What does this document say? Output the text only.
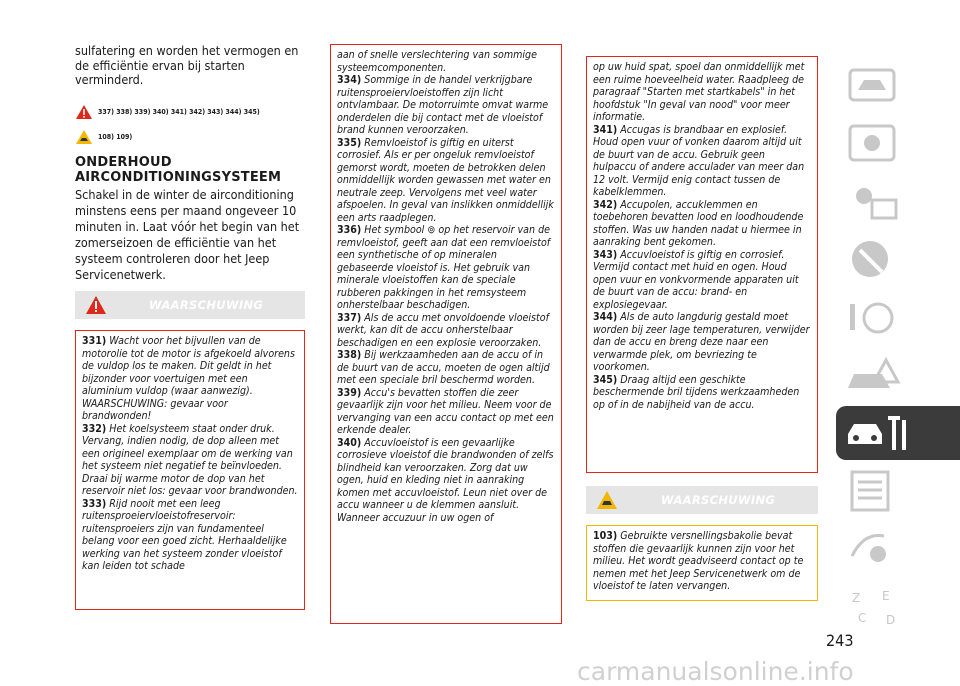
sulfatering en worden het vermogen en de efficiëntie ervan bij starten verminderd.
337) 338) 339) 340) 341) 342) 343) 344) 345)
108) 109)
ONDERHOUD AIRCONDITIONINGSYSTEEM
Schakel in de winter de airconditioning minstens eens per maand ongeveer 10 minuten in. Laat vóór het begin van het zomerseizoen de efficiëntie van het systeem controleren door het Jeep Servicenetwerk.
WAARSCHUWING

331) Wacht voor het bijvullen van de motorolie tot de motor is afgekoeld alvorens de vuldop los te maken. Dit geldt in het bijzonder voor voertuigen met een aluminium vuldop (waar aanwezig). WAARSCHUWING: gevaar voor brandwonden!

332) Het koelsysteem staat onder druk. Vervang, indien nodig, de dop alleen met een origineel exemplaar om de werking van het systeem niet negatief te beïnvloeden. Draai bij warme motor de dop van het reservoir niet los: gevaar voor brandwonden.

333) Rijd nooit met een leeg ruitensproeiervloeistofreservoir: ruitensproeiers zijn van fundamenteel belang voor een goed zicht. Herhaaldelijke werking van het systeem zonder vloeistof kan leiden tot schade

aan of snelle verslechtering van sommige systeemcomponenten.

334) Sommige in de handel verkrijgbare ruitensproeiervloeistoffen zijn licht ontvlambaar. De motorruimte omvat warme onderdelen die bij contact met de vloeistof brand kunnen veroorzaken.

335) Remvloeistof is giftig en uiterst corrosief. Als er per ongeluk remvloeistof gemorst wordt, moeten de betrokken delen onmiddellijk worden gewassen met water en neutrale zeep. Vervolgens met veel water afspoelen. In geval van inslikken onmiddellijk een arts raadplegen.

336) Het symbool ⊚ op het reservoir van de remvloeistof, geeft aan dat een remvloeistof een synthetische of op mineralen gebaseerde vloeistof is. Het gebruik van minerale vloeistoffen kan de speciale rubberen pakkingen in het remsysteem onherstelbaar beschadigen.

337) Als de accu met onvoldoende vloeistof werkt, kan dit de accu onherstelbaar beschadigen en een explosie veroorzaken.

338) Bij werkzaamheden aan de accu of in de buurt van de accu, moeten de ogen altijd met een speciale bril beschermd worden.

339) Accu's bevatten stoffen die zeer gevaarlijk zijn voor het milieu. Neem voor de vervanging van een accu contact op met een erkende dealer.

340) Accuvloeistof is een gevaarlijke corrosieve vloeistof die brandwonden of zelfs blindheid kan veroorzaken. Zorg dat uw ogen, huid en kleding niet in aanraking komen met accuvloeistof. Leun niet over de accu wanneer u de klemmen aansluit. Wanneer accuzuur in uw ogen of

op uw huid spat, spoel dan onmiddellijk met een ruime hoeveelheid water. Raadpleeg de paragraaf "Starten met startkabels" in het hoofdstuk "In geval van nood" voor meer informatie.

341) Accugas is brandbaar en explosief. Houd open vuur of vonken daarom altijd uit de buurt van de accu. Gebruik geen hulpaccu of andere acculader van meer dan 12 volt. Vermijd enig contact tussen de kabelklemmen.

342) Accupolen, accuklemmen en toebehoren bevatten lood en loodhoudende stoffen. Was uw handen nadat u hiermee in aanraking bent gekomen.

343) Accuvloeistof is giftig en corrosief. Vermijd contact met huid en ogen. Houd open vuur en vonkvormende apparaten uit de buurt van de accu: brand- en explosiegevaar.

344) Als de auto langdurig gestald moet worden bij zeer lage temperaturen, verwijder dan de accu en breng deze naar een verwarmde plek, om bevriezing te voorkomen.

345) Draag altijd een geschikte beschermende bril tijdens werkzaamheden op of in de nabijheid van de accu.

WAARSCHUWING

103) Gebruikte versnellingsbakolie bevat stoffen die gevaarlijk kunnen zijn voor het milieu. Het wordt geadviseerd contact op te nemen met het Jeep Servicenetwerk om de vloeistof te laten vervangen.

243
carmanualsonline.info
Z E
C D
